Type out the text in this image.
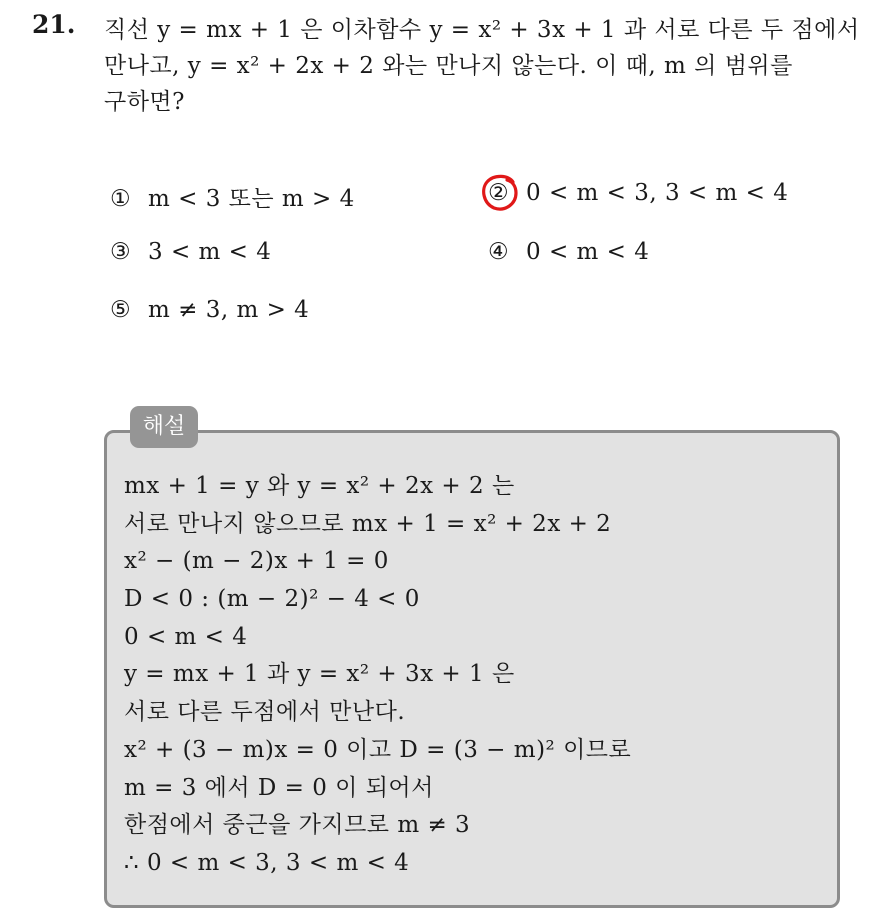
21. 직선 y = mx + 1 은 이차함수 y = x² + 3x + 1 과 서로 다른 두 점에서
만나고, y = x² + 2x + 2 와는 만나지 않는다. 이 때, m 의 범위를
구하면?
① m < 3 또는 m > 4	② 0 < m < 3, 3 < m < 4
③ 3 < m < 4	④ 0 < m < 4
⑤ m ≠ 3, m > 4
해설
mx + 1 = y 와 y = x² + 2x + 2 는
서로 만나지 않으므로 mx + 1 = x² + 2x + 2
x² − (m − 2)x + 1 = 0
D < 0 : (m − 2)² − 4 < 0
0 < m < 4
y = mx + 1 과 y = x² + 3x + 1 은
서로 다른 두점에서 만난다.
x² + (3 − m)x = 0 이고 D = (3 − m)² 이므로
m = 3 에서 D = 0 이 되어서
한점에서 중근을 가지므로 m ≠ 3
∴ 0 < m < 3, 3 < m < 4
